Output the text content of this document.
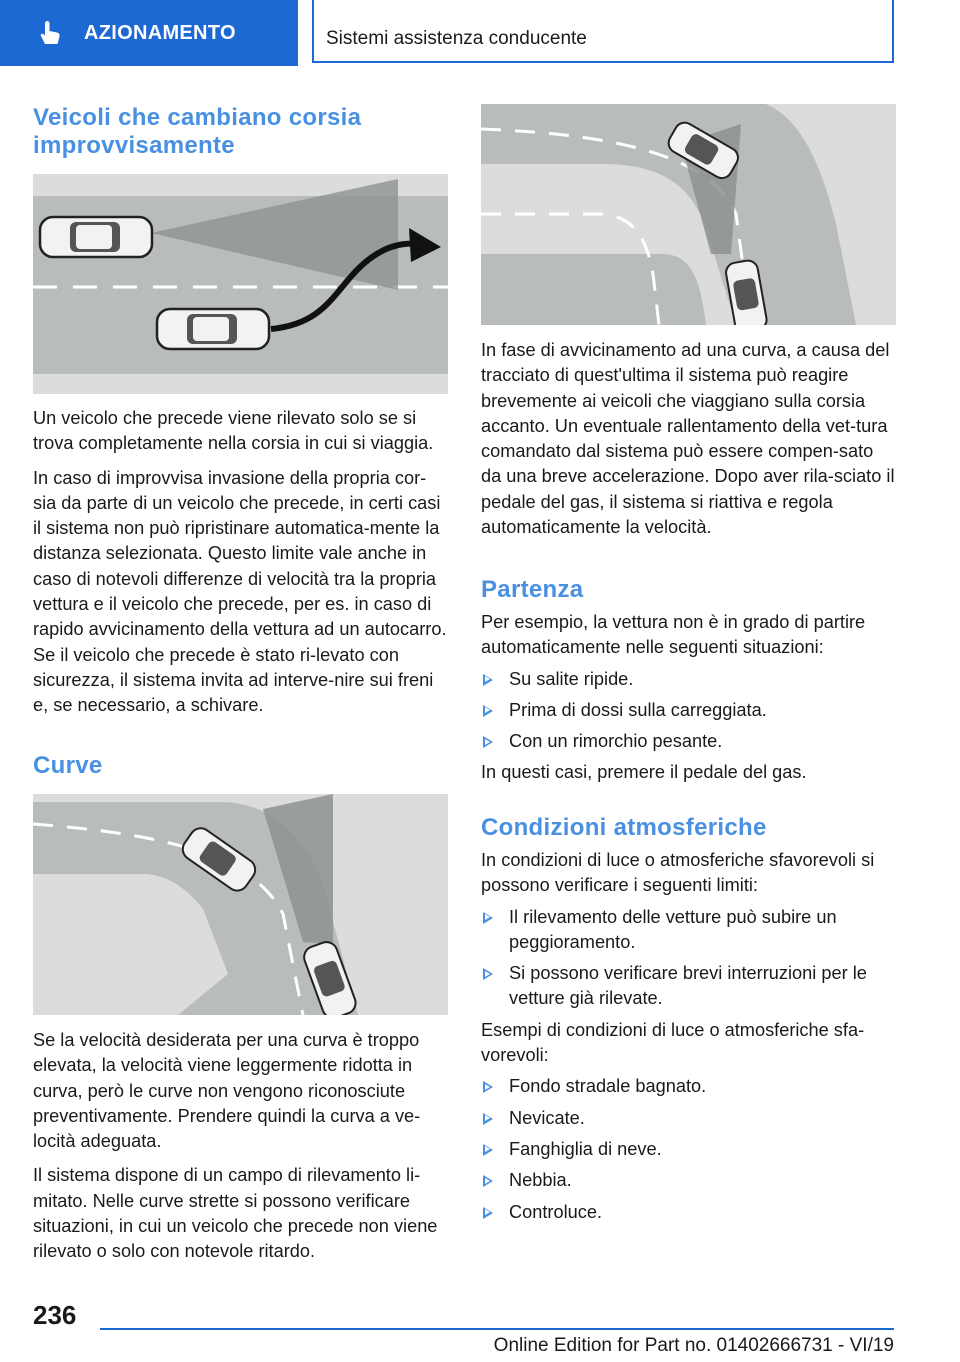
AZIONAMENTO	Sistemi assistenza conducente
Veicoli che cambiano corsia improvvisamente

Un veicolo che precede viene rilevato solo se si trova completamente nella corsia in cui si viaggia.

In caso di improvvisa invasione della propria cor-sia da parte di un veicolo che precede, in certi casi il sistema non può ripristinare automatica-mente la distanza selezionata. Questo limite vale anche in caso di notevoli differenze di velocità tra la propria vettura e il veicolo che precede, per es. in caso di rapido avvicinamento della vettura ad un autocarro. Se il veicolo che precede è stato ri-levato con sicurezza, il sistema invita ad interve-nire sui freni e, se necessario, a schivare.

Curve

Se la velocità desiderata per una curva è troppo elevata, la velocità viene leggermente ridotta in curva, però le curve non vengono riconosciute preventivamente. Prendere quindi la curva a ve-locità adeguata.

Il sistema dispone di un campo di rilevamento li-mitato. Nelle curve strette si possono verificare situazioni, in cui un veicolo che precede non viene rilevato o solo con notevole ritardo.

In fase di avvicinamento ad una curva, a causa del tracciato di quest'ultima il sistema può reagire brevemente ai veicoli che viaggiano sulla corsia accanto. Un eventuale rallentamento della vet-tura comandato dal sistema può essere compen-sato da una breve accelerazione. Dopo aver rila-sciato il pedale del gas, il sistema si riattiva e regola automaticamente la velocità.

Partenza

Per esempio, la vettura non è in grado di partire automaticamente nelle seguenti situazioni:

Su salite ripide.
Prima di dossi sulla carreggiata.
Con un rimorchio pesante.

In questi casi, premere il pedale del gas.

Condizioni atmosferiche

In condizioni di luce o atmosferiche sfavorevoli si possono verificare i seguenti limiti:

Il rilevamento delle vetture può subire un peggioramento.
Si possono verificare brevi interruzioni per le vetture già rilevate.

Esempi di condizioni di luce o atmosferiche sfa-vorevoli:

Fondo stradale bagnato.
Nevicate.
Fanghiglia di neve.
Nebbia.
Controluce.
236
Online Edition for Part no. 01402666731 - VI/19
